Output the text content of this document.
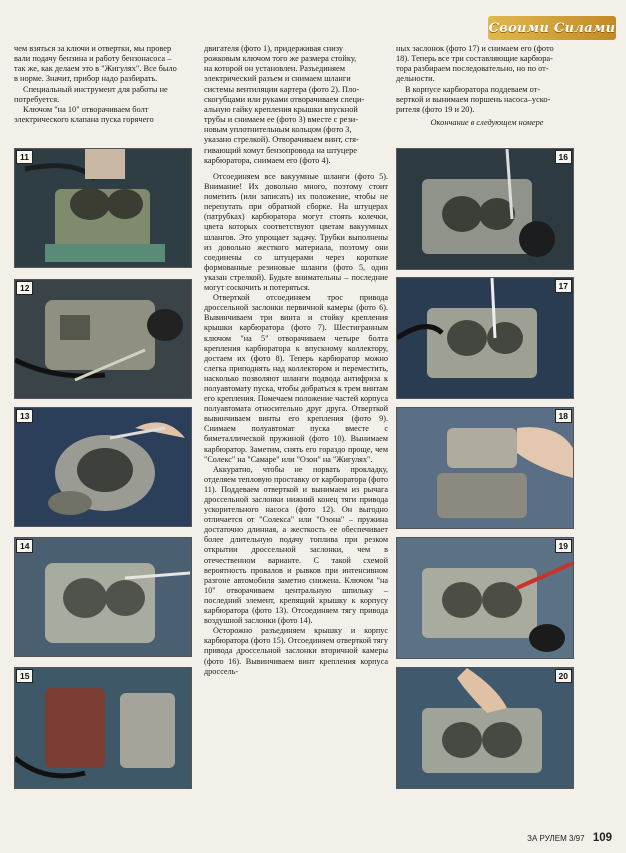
Своими Силами

чем взяться за ключи и отвертки, мы провер

вали подачу бензина и работу бензонасоса –

так же, как делаем это в "Жигулях". Все было

в норме. Значит, прибор надо разбирать.

Специальный инструмент для работы не

потребуется.

Ключом "на 10" отворачиваем болт

электрического клапана пуска горячего

двигателя (фото 1), придерживая снизу

рожковым ключом того же размера стойку,

на которой он установлен. Разъединяем

электрический разъем и снимаем шланги

системы вентиляции картера (фото 2). Пло-

скогубцами или руками отворачиваем специ-

альную гайку крепления крышки впускной

трубы и снимаем ее (фото 3) вместе с рези-

новым уплотнительным кольцом (фото 3,

указано стрелкой). Отворачиваем винт, стя-

гивающий хомут бензопровода на штуцере

карбюратора, снимаем его (фото 4).

Отсоединяем все вакуумные шланги (фото 5). Внимание! Их довольно много, поэтому стоит пометить (или записать) их положение, чтобы не перепутать при обратной сборке. На штуцерах (патрубках) карбюратора могут стоять колечки, цвета которых соответствуют цветам вакуумных шлангов. Это упрощает задачу. Трубки выполнены из довольно жесткого материала, поэтому они соединены со штуцерами через короткие формованные резиновые шланги (фото 5, один указан стрелкой). Будьте внимательны – последние могут соскочить и потеряться.

Отверткой отсоединяем трос привода дроссельной заслонки первичной камеры (фото 6). Вывинчиваем три винта и стойку крепления крышки карбюратора (фото 7). Шестигранным ключом "на 5" отворачиваем четыре болта крепления карбюратора к впускному коллектору, достаем их (фото 8). Теперь карбюратор можно слегка приподнять над коллектором и переместить, насколько позволяют шланги подвода антифриза к полуавтомату пуска, чтобы добраться к трем винтам его крепления. Помечаем положение частей корпуса полуавтомата относительно друг друга. Отверткой вывинчиваем винты его крепления (фото 9). Снимаем полуавтомат пуска вместе с биметаллической пружиной (фото 10). Вынимаем карбюратор. Заметим, снять его гораздо проще, чем "Солекс" на "Самаре" или "Озон" на "Жигулях".

Аккуратно, чтобы не порвать прокладку, отделяем тепловую проставку от карбюратора (фото 11). Поддеваем отверткой и вынимаем из рычага дроссельной заслонки нижний конец тяги привода ускорительного насоса (фото 12). Он выгодно отличается от "Солекса" или "Озона" – пружина достаточно длинная, а жесткость ее обеспечивает более длительную подачу топлива при резком открытии дроссельной заслонки, чем в отечественном варианте. С такой схемой вероятность провалов и рывков при интенсивном разгоне автомобиля заметно снижена. Ключом "на 10" отворачиваем центральную шпильку – последний элемент, крепящий крышку к корпусу карбюратора (фото 13). Отсоединяем тягу привода воздушной заслонки (фото 14).

Осторожно разъединяем крышку и корпус карбюратора (фото 15). Отсоединяем отверткой тягу привода дроссельной заслонки вторичной камеры (фото 16). Вывинчиваем винт крепления корпуса дроссель-

ных заслонок (фото 17) и снимаем его (фото

18). Теперь все три составляющие карбюра-

тора разбираем последовательно, но по от-

дельности.

В корпусе карбюратора поддеваем от-

верткой и вынимаем поршень насоса–уско-

рителя (фото 19 и 20).

Окончание в следующем номере

11
12
13
14
15
16
17
18
19
20
ЗА РУЛЕМ 3/97 109
